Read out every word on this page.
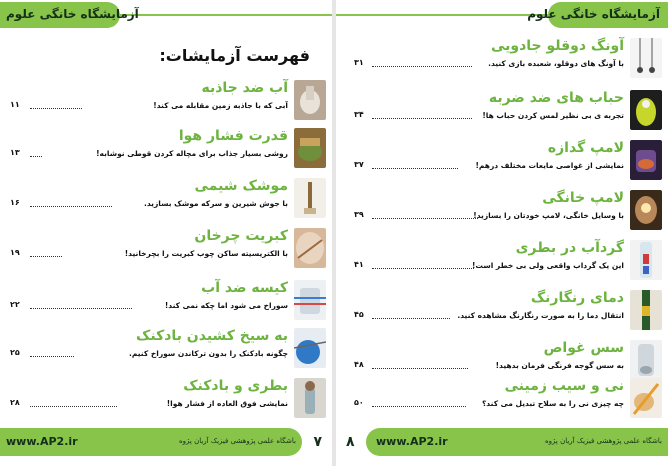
آزمایشگاه خانگی علوم
فهرست آزمایشات:
آب ضد جاذبه
آبی که با جاذبه زمین مقابله می کند!
۱۱
قدرت فشار هوا
روشی بسیار جذاب برای مچاله کردن قوطی نوشابه!
۱۳
موشک شیمی
با جوش شیرین و سرکه موشک بسازید.
۱۶
کبریت چرخان
با الکتریسیته ساکن چوب کبریت را بچرخانید!
۱۹
کیسه ضد آب
سوراخ می شود اما چکه نمی کند!
۲۲
به سیخ کشیدن بادکنک
چگونه بادکنک را بدون ترکاندن سوراخ کنیم.
۲۵
بطری و بادکنک
نمایشی فوق العاده از فشار هوا!
۲۸
www.AP2.ir	باشگاه علمی پژوهشی فیزیک آریان پژوه ۷
آزمایشگاه خانگی علوم
آونگ دوقلو جادویی
با آونگ های دوقلو، شعبده بازی کنید.
۳۱
حباب های ضد ضربه
تجربه ی بی نظیر لمس کردن حباب ها!
۳۴
لامپ گدازه
نمایشی از غواصی مایعات مختلف درهم!
۳۷
لامپ خانگی
با وسایل خانگی، لامپ خودتان را بسازید!
۳۹
گردآب در بطری
این یک گرداب واقعی ولی بی خطر است!
۴۱
دمای رنگارنگ
انتقال دما را به صورت رنگارنگ مشاهده کنید.
۴۵
سس غواص
به سس گوجه فرنگی فرمان بدهید!
۴۸
نی و سیب زمینی
چه چیزی نی را به سلاح تبدیل می کند؟
۵۰
۸ www.AP2.ir	باشگاه علمی پژوهشی فیزیک آریان پژوه
